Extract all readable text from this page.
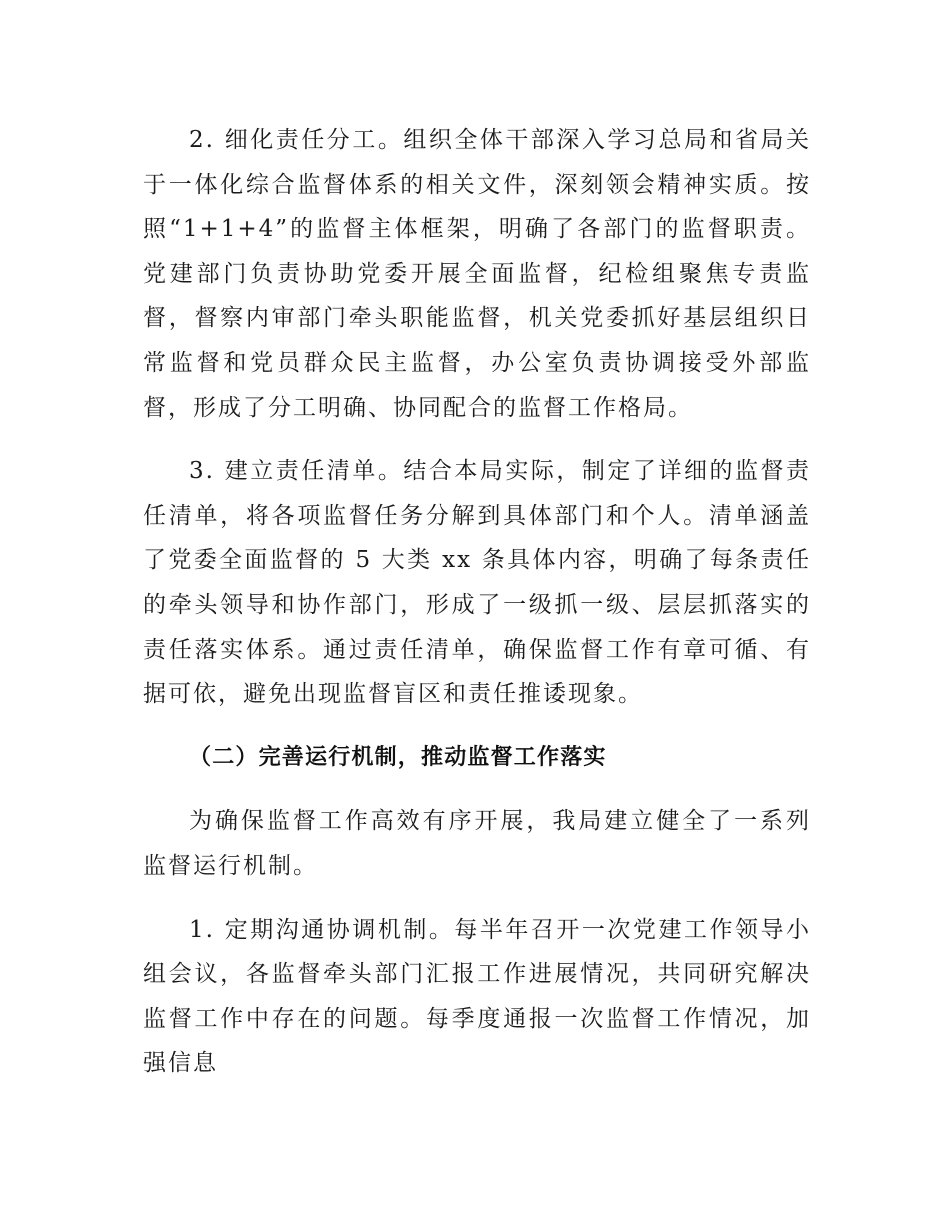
2. 细化责任分工。组织全体干部深入学习总局和省局关于一体化综合监督体系的相关文件，深刻领会精神实质。按照“1+1+4”的监督主体框架，明确了各部门的监督职责。党建部门负责协助党委开展全面监督，纪检组聚焦专责监督，督察内审部门牵头职能监督，机关党委抓好基层组织日常监督和党员群众民主监督，办公室负责协调接受外部监督，形成了分工明确、协同配合的监督工作格局。

3. 建立责任清单。结合本局实际，制定了详细的监督责任清单，将各项监督任务分解到具体部门和个人。清单涵盖了党委全面监督的 5 大类 xx 条具体内容，明确了每条责任的牵头领导和协作部门，形成了一级抓一级、层层抓落实的责任落实体系。通过责任清单，确保监督工作有章可循、有据可依，避免出现监督盲区和责任推诿现象。

（二）完善运行机制，推动监督工作落实

为确保监督工作高效有序开展，我局建立健全了一系列监督运行机制。

1. 定期沟通协调机制。每半年召开一次党建工作领导小组会议，各监督牵头部门汇报工作进展情况，共同研究解决监督工作中存在的问题。每季度通报一次监督工作情况，加强信息
